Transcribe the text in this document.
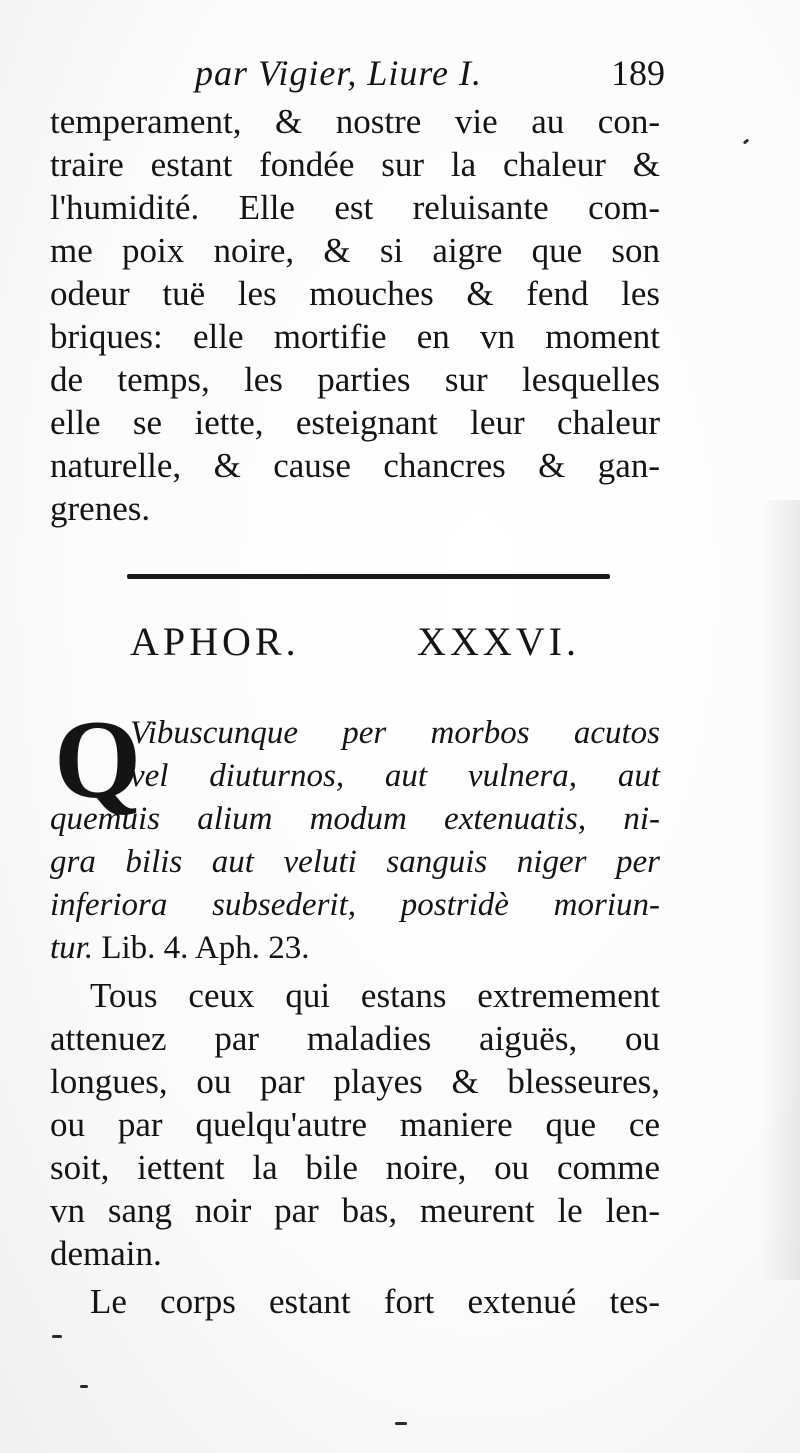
par Vigier, Liure I.	189
temperament, & nostre vie au con-
traire estant fondée sur la chaleur &
l'humidité. Elle est reluisante com-
me poix noire, & si aigre que son
odeur tuë les mouches & fend les
briques: elle mortifie en vn moment
de temps, les parties sur lesquelles
elle se iette, esteignant leur chaleur
naturelle, & cause chancres & gan-
grenes.
APHOR.	XXXVI.
Q
Vibuscunque per morbos acutos
vel diuturnos, aut vulnera, aut
quemuis alium modum extenuatis, ni-
gra bilis aut veluti sanguis niger per
inferiora subsederit, postridè moriun-
tur. Lib. 4. Aph. 23.
Tous ceux qui estans extremement
attenuez par maladies aiguës, ou
longues, ou par playes & blesseures,
ou par quelqu'autre maniere que ce
soit, iettent la bile noire, ou comme
vn sang noir par bas, meurent le len-
demain.
Le corps estant fort extenué tes-
